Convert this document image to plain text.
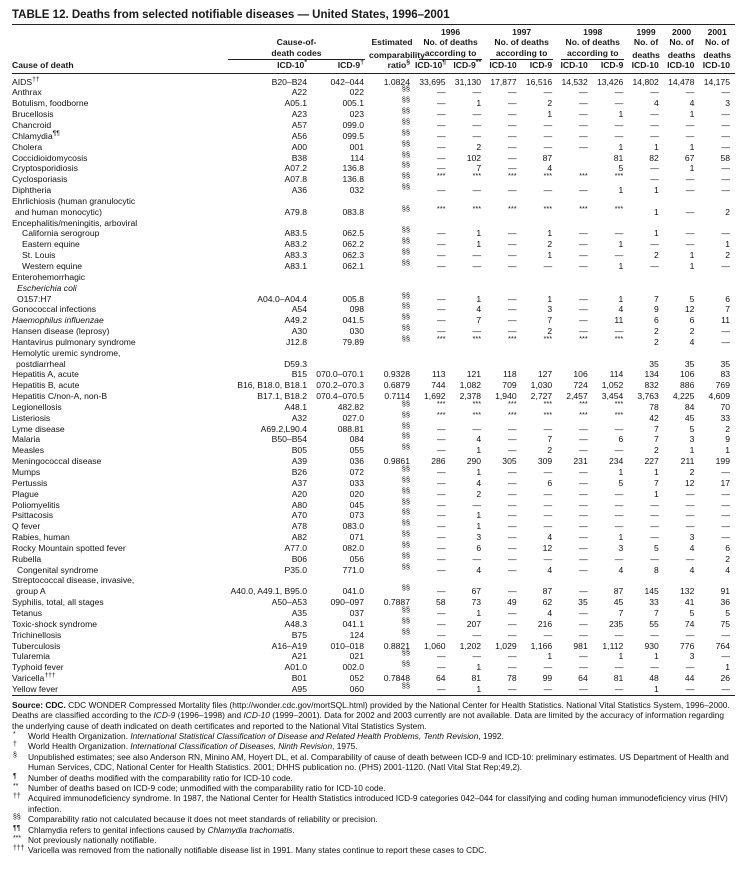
TABLE 12. Deaths from selected notifiable diseases — United States, 1996–2001
				1996		1997		1998		1999	2000	2001
	Cause-of-		Estimated	No. of deaths		No. of deaths		No. of deaths		No. of	No. of	No. of

	death codes		comparability	according to		according to		according to		deaths	deaths	deaths
Cause of death	ICD-10*	ICD-9†	ratio§	ICD-10¶	ICD-9**	ICD-10	ICD-9	ICD-10	ICD-9	ICD-10	ICD-10	ICD-10
AIDS††	B20–B24	042–044	1.0824	33,695	31,130	17,877	16,516	14,532	13,426	14,802	14,478	14,175
Anthrax	A22	022	§§	—	—	—	—	—	—	—	—	—
Botulism, foodborne	A05.1	005.1	§§	—	1	—	2	—	—	4	4	3
Brucellosis	A23	023	§§	—	—	—	1	—	1	—	1	—
Chancroid	A57	099.0	§§	—	—	—	—	—	—	—	—	—
Chlamydia¶¶	A56	099.5	§§	—	—	—	—	—	—	—	—	—
Cholera	A00	001	§§	—	2	—	—	—	1	1	1	—
Coccidioidomycosis	B38	114	§§	—	102	—	87		81	82	67	58
Cryptosporidiosis	A07.2	136.8	§§	—	7	—	4		5	—	1	—
Cyclosporiasis	A07.8	136.8	§§	***	***	***	***	***	***	—	—	—
Diphtheria	A36	032	§§	—	—	—	—	—	1	1	—	—
Ehrlichiosis (human granulocytic												
and human monocytic)	A79.8	083.8	§§	***	***	***	***	***	***	1	—	2
Encephalitis/meningitis, arboviral												
California serogroup	A83.5	062.5	§§	—	1	—	1	—	—	1	—	—
Eastern equine	A83.2	062.2	§§	—	1	—	2	—	1	—	—	1
St. Louis	A83.3	062.3	§§	—	—	—	1	—	—	2	1	2
Western equine	A83.1	062.1	§§	—	—	—	—	—	1	—	1	—
Enterohemorrhagic												
Escherichia coli												
O157:H7	A04.0–A04.4	005.8	§§	—	1	—	1	—	1	7	5	6
Gonococcal infections	A54	098	§§	—	4	—	3	—	4	9	12	7
Haemophilus influenzae	A49.2	041.5	§§	—	7	—	7	—	11	6	6	11
Hansen disease (leprosy)	A30	030	§§	—	—	—	2	—	—	2	2	—
Hantavirus pulmonary syndrome	J12.8	79.89	§§	***	***	***	***	***	***	2	4	—
Hemolytic uremic syndrome,												
postdiarrheal	D59.3									35	35	35
Hepatitis A, acute	B15	070.0–070.1	0.9328	113	121	118	127	106	114	134	106	83
Hepatitis B, acute	B16, B18.0, B18.1	070.2–070.3	0.6879	744	1,082	709	1,030	724	1,052	832	886	769
Hepatitis C/non-A, non-B	B17.1, B18.2	070.4–070.5	0.7114	1,692	2,378	1,940	2,727	2,457	3,454	3,763	4,225	4,609
Legionellosis	A48.1	482.82	§§	***	***	***	***	***	***	78	84	70
Listeriosis	A32	027.0	§§	***	***	***	***	***	***	42	45	33
Lyme disease	A69.2,L90.4	088.81	§§	—	—	—	—	—	—	7	5	2
Malaria	B50–B54	084	§§	—	4	—	7	—	6	7	3	9
Measles	B05	055	§§	—	1	—	2	—	—	2	1	1
Meningococcal disease	A39	036	0.9861	286	290	305	309	231	234	227	211	199
Mumps	B26	072	§§	—	1	—	—	—	1	1	2	—
Pertussis	A37	033	§§	—	4	—	6	—	5	7	12	17
Plague	A20	020	§§	—	2	—	—	—	—	1	—	—
Poliomyelitis	A80	045	§§	—	—	—	—	—	—	—	—	—
Psittacosis	A70	073	§§	—	1	—	—	—	—	—	—	—
Q fever	A78	083.0	§§	—	1	—	—	—	—	—	—	—
Rabies, human	A82	071	§§	—	3	—	4	—	1	—	3	—
Rocky Mountain spotted fever	A77.0	082.0	§§	—	6	—	12	—	3	5	4	6
Rubella	B06	056	§§	—	—	—	—	—	—	—	—	2
Congenital syndrome	P35.0	771.0	§§	—	4	—	4	—	4	8	4	4
Streptococcal disease, invasive,												
group A	A40.0, A49.1, B95.0	041.0	§§	—	67	—	87	—	87	145	132	91
Syphilis, total, all stages	A50–A53	090–097	0.7887	58	73	49	62	35	45	33	41	36
Tetanus	A35	037	§§	—	1	—	4	—	7	7	5	5
Toxic-shock syndrome	A48.3	041.1	§§	—	207	—	216	—	235	55	74	75
Trichinellosis	B75	124	§§	—	—	—	—	—	—	—	—	—
Tuberculosis	A16–A19	010–018	0.8821	1,060	1,202	1,029	1,166	981	1,112	930	776	764
Tularemia	A21	021	§§	—	—	—	1	—	1	1	3	—
Typhoid fever	A01.0	002.0	§§	—	1	—	—	—	—	—	—	1
Varicella†††	B01	052	0.7848	64	81	78	99	64	81	48	44	26
Yellow fever	A95	060	§§	—	1	—	—	—	—	1	—	—
Source: CDC. CDC WONDER Compressed Mortality files (http://wonder.cdc.gov/mortSQL.html) provided by the National Center for Health Statistics. National Vital Statistics System, 1996–2000. Deaths are classified according to the ICD-9 (1996–1998) and ICD-10 (1999–2001). Data for 2002 and 2003 currently are not available. Data are limited by the accuracy of information regarding the underlying cause of death indicated on death certificates and reported to the National Vital Statistics System.
* World Health Organization. International Statistical Classification of Disease and Related Health Problems, Tenth Revision, 1992.
† World Health Organization. International Classification of Diseases, Ninth Revision, 1975.
§ Unpublished estimates; see also Anderson RN, Minino AM, Hoyert DL, et al. Comparability of cause of death between ICD-9 and ICD-10: preliminary estimates. US Department of Health and Human Services, CDC, National Center for Health Statistics. 2001; DHHS publication no. (PHS) 2001-1120. (Natl Vital Stat Rep;49,2).
¶ Number of deaths modified with the comparability ratio for ICD-10 code.
** Number of deaths based on ICD-9 code; unmodified with the comparability ratio for ICD-10 code.
†† Acquired immunodeficiency syndrome. In 1987, the National Center for Health Statistics introduced ICD-9 categories 042–044 for classifying and coding human immunodeficiency virus (HIV) infection.
§§ Comparability ratio not calculated because it does not meet standards of reliability or precision.
¶¶ Chlamydia refers to genital infections caused by Chlamydia trachomatis.
*** Not previously nationally notifiable.
††† Varicella was removed from the nationally notifiable disease list in 1991. Many states continue to report these cases to CDC.
